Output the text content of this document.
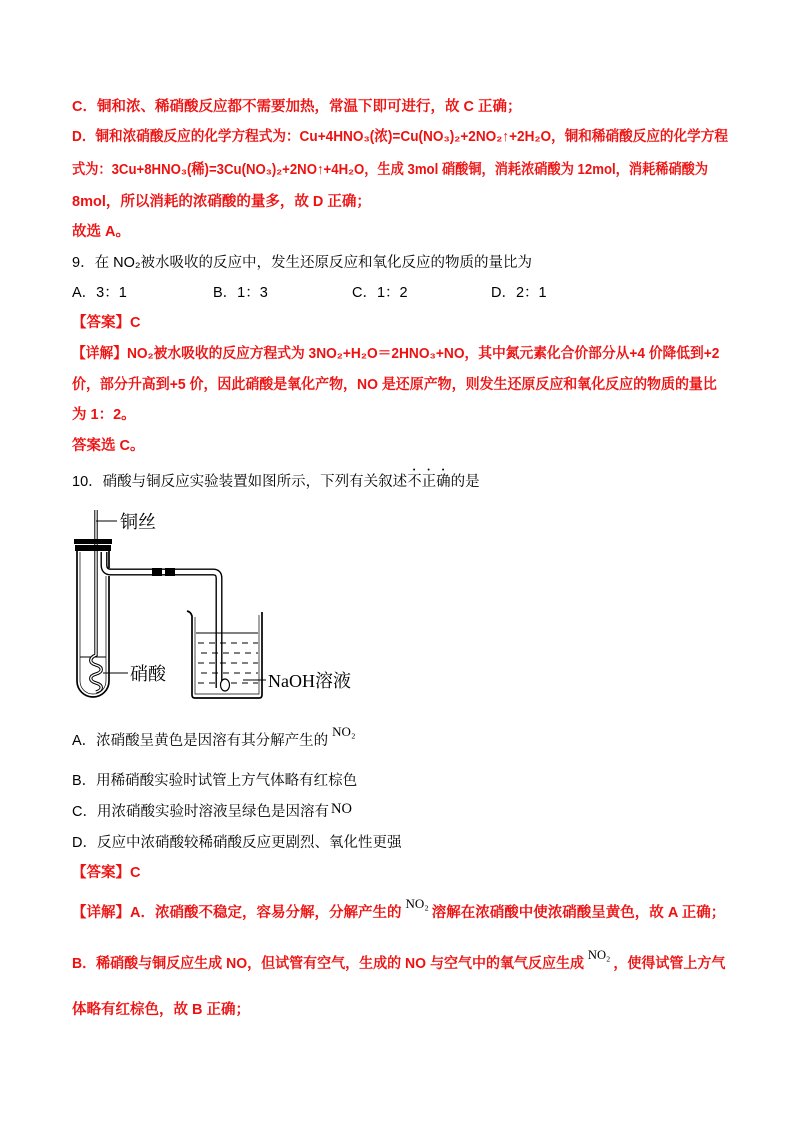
C．铜和浓、稀硝酸反应都不需要加热，常温下即可进行，故 C 正确；
D．铜和浓硝酸反应的化学方程式为：Cu+4HNO₃(浓)=Cu(NO₃)₂+2NO₂↑+2H₂O，铜和稀硝酸反应的化学方程
式为：3Cu+8HNO₃(稀)=3Cu(NO₃)₂+2NO↑+4H₂O，生成 3mol 硝酸铜，消耗浓硝酸为 12mol，消耗稀硝酸为
8mol，所以消耗的浓硝酸的量多，故 D 正确；
故选 A。
9．在 NO₂被水吸收的反应中，发生还原反应和氧化反应的物质的量比为
A．3：1	B．1：3	C．1：2	D．2：1
【答案】C
【详解】NO₂被水吸收的反应方程式为 3NO₂+H₂O＝2HNO₃+NO，其中氮元素化合价部分从+4 价降低到+2
价，部分升高到+5 价，因此硝酸是氧化产物，NO 是还原产物，则发生还原反应和氧化反应的物质的量比
为 1：2。
答案选 C。
10．硝酸与铜反应实验装置如图所示，下列有关叙述不正确的是
铜丝
硝酸	NaOH溶液
A．浓硝酸呈黄色是因溶有其分解产生的NO₂
B．用稀硝酸实验时试管上方气体略有红棕色
C．用浓硝酸实验时溶液呈绿色是因溶有 NO
D．反应中浓硝酸较稀硝酸反应更剧烈、氧化性更强
【答案】C
【详解】A．浓硝酸不稳定，容易分解，分解产生的NO₂溶解在浓硝酸中使浓硝酸呈黄色，故 A 正确；
B．稀硝酸与铜反应生成 NO，但试管有空气，生成的 NO 与空气中的氧气反应生成NO₂，使得试管上方气
体略有红棕色，故 B 正确；
